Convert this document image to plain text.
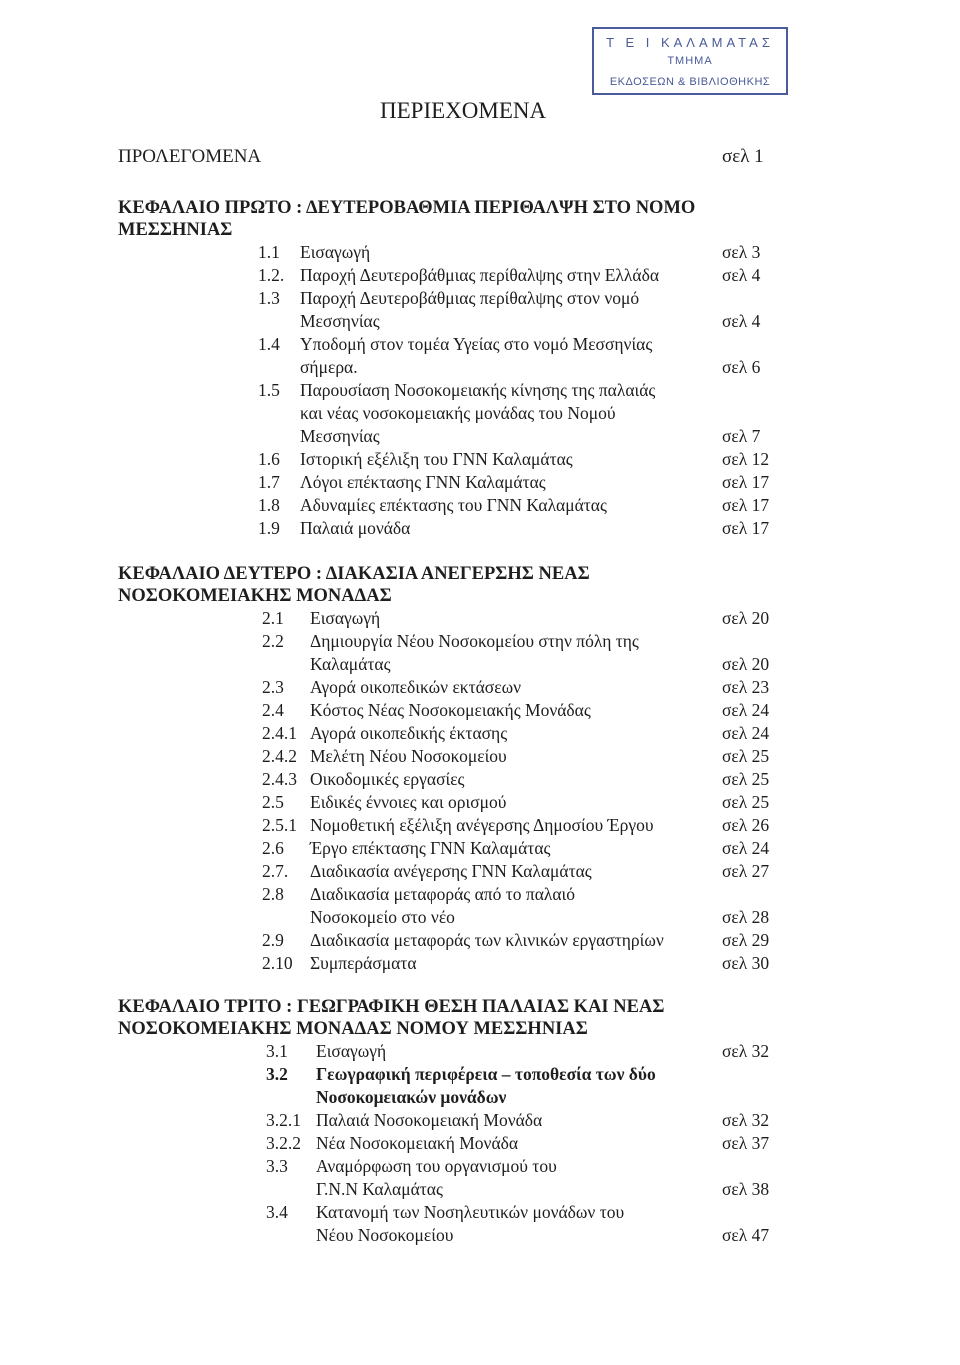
Τ Ε Ι ΚΑΛΑΜΑΤΑΣ
ΤΜΗΜΑ
ΕΚΔΟΣΕΩΝ & ΒΙΒΛΙΟΘΗΚΗΣ
ΠΕΡΙΕΧΟΜΕΝΑ
ΠΡΟΛΕΓΟΜΕΝΑ	σελ 1
ΚΕΦΑΛΑΙΟ ΠΡΩΤΟ : ΔΕΥΤΕΡΟΒΑΘΜΙΑ ΠΕΡΙΘΑΛΨΗ ΣΤΟ ΝΟΜΟ
ΜΕΣΣΗΝΙΑΣ
1.1 Εισαγωγή	σελ 3
1.2. Παροχή Δευτεροβάθμιας περίθαλψης στην Ελλάδα	σελ 4
1.3 Παροχή Δευτεροβάθμιας περίθαλψης στον νομό
Μεσσηνίας	σελ 4
1.4 Υποδομή στον τομέα Υγείας στο νομό Μεσσηνίας
σήμερα.	σελ 6
1.5 Παρουσίαση Νοσοκομειακής κίνησης της παλαιάς
και νέας νοσοκομειακής μονάδας του Νομού
Μεσσηνίας	σελ 7
1.6 Ιστορική εξέλιξη του ΓΝΝ Καλαμάτας	σελ 12
1.7 Λόγοι επέκτασης ΓΝΝ Καλαμάτας	σελ 17
1.8 Αδυναμίες επέκτασης του ΓΝΝ Καλαμάτας	σελ 17
1.9 Παλαιά μονάδα	σελ 17
ΚΕΦΑΛΑΙΟ ΔΕΥΤΕΡΟ : ΔΙΑΚΑΣΙΑ ΑΝΕΓΕΡΣΗΣ ΝΕΑΣ
ΝΟΣΟΚΟΜΕΙΑΚΗΣ ΜΟΝΑΔΑΣ
2.1 Εισαγωγή	σελ 20
2.2 Δημιουργία Νέου Νοσοκομείου στην πόλη της
Καλαμάτας	σελ 20
2.3 Αγορά οικοπεδικών εκτάσεων	σελ 23
2.4 Κόστος Νέας Νοσοκομειακής Μονάδας	σελ 24
2.4.1 Αγορά οικοπεδικής έκτασης	σελ 24
2.4.2 Μελέτη Νέου Νοσοκομείου	σελ 25
2.4.3 Οικοδομικές εργασίες	σελ 25
2.5 Ειδικές έννοιες και ορισμού	σελ 25
2.5.1 Νομοθετική εξέλιξη ανέγερσης Δημοσίου Έργου	σελ 26
2.6 Έργο επέκτασης ΓΝΝ Καλαμάτας	σελ 24
2.7. Διαδικασία ανέγερσης ΓΝΝ Καλαμάτας	σελ 27
2.8 Διαδικασία μεταφοράς από το παλαιό
Νοσοκομείο στο νέο	σελ 28
2.9 Διαδικασία μεταφοράς των κλινικών εργαστηρίων	σελ 29
2.10 Συμπεράσματα	σελ 30
ΚΕΦΑΛΑΙΟ ΤΡΙΤΟ : ΓΕΩΓΡΑΦΙΚΗ ΘΕΣΗ ΠΑΛΑΙΑΣ ΚΑΙ ΝΕΑΣ
ΝΟΣΟΚΟΜΕΙΑΚΗΣ ΜΟΝΑΔΑΣ ΝΟΜΟΥ ΜΕΣΣΗΝΙΑΣ
3.1 Εισαγωγή	σελ 32
3.2 Γεωγραφική περιφέρεια – τοποθεσία των δύο
Νοσοκομειακών μονάδων
3.2.1 Παλαιά Νοσοκομειακή Μονάδα	σελ 32
3.2.2 Νέα Νοσοκομειακή Μονάδα	σελ 37
3.3 Αναμόρφωση του οργανισμού του
Γ.Ν.Ν Καλαμάτας	σελ 38
3.4 Κατανομή των Νοσηλευτικών μονάδων του
Νέου Νοσοκομείου	σελ 47
